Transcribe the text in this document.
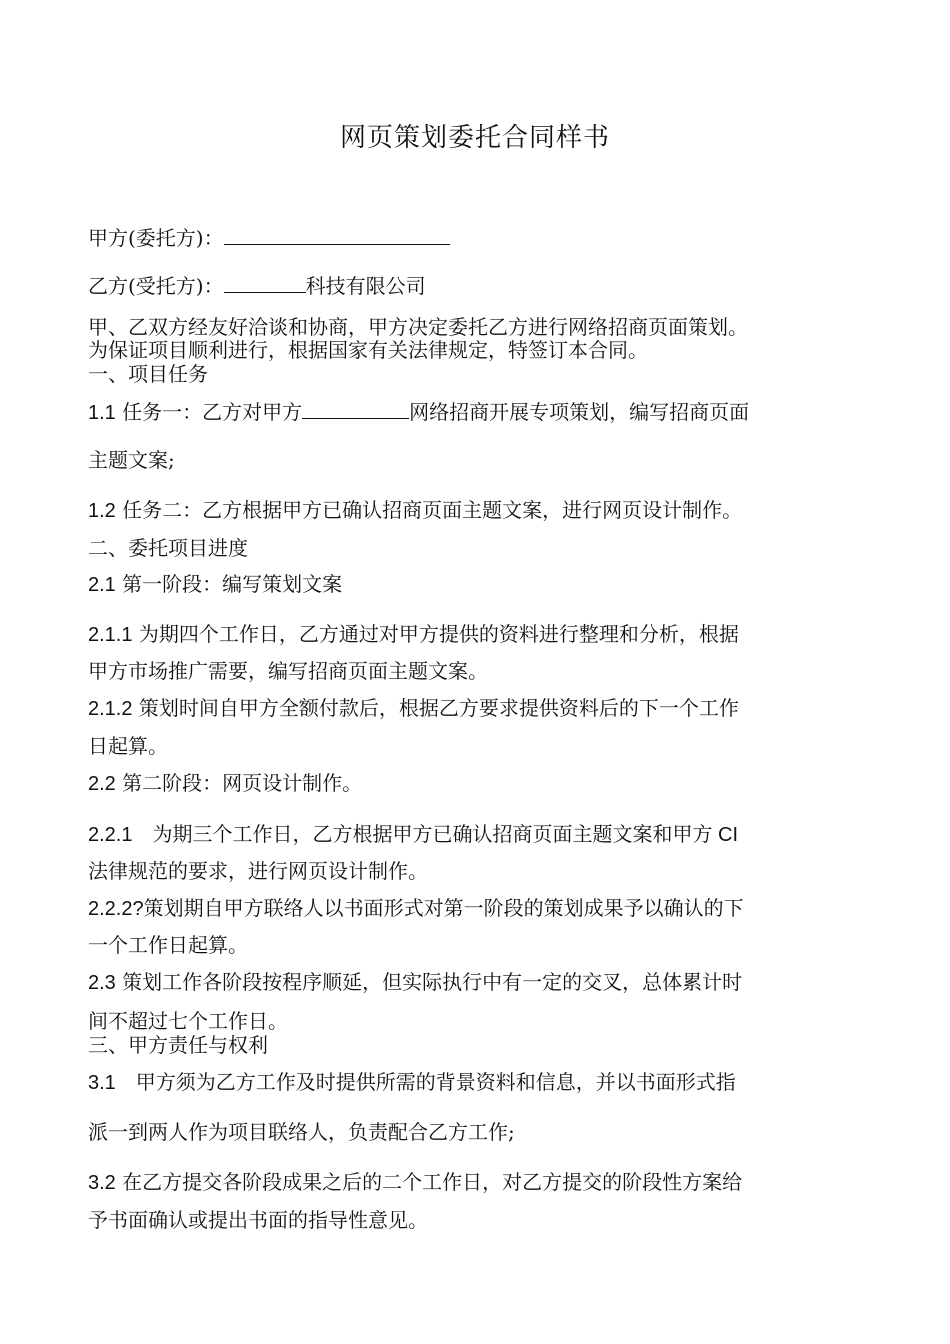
网页策划委托合同样书
甲方(委托方)：
乙方(受托方)：	科技有限公司
甲、乙双方经友好洽谈和协商，甲方决定委托乙方进行网络招商页面策划。
为保证项目顺利进行，根据国家有关法律规定，特签订本合同。
一、项目任务
1.1 任务一：乙方对甲方	网络招商开展专项策划，编写招商页面
主题文案;
1.2 任务二：乙方根据甲方已确认招商页面主题文案，进行网页设计制作。
二、委托项目进度
2.1 第一阶段：编写策划文案
2.1.1 为期四个工作日，乙方通过对甲方提供的资料进行整理和分析，根据
甲方市场推广需要，编写招商页面主题文案。
2.1.2 策划时间自甲方全额付款后，根据乙方要求提供资料后的下一个工作
日起算。
2.2 第二阶段：网页设计制作。
2.2.1　为期三个工作日，乙方根据甲方已确认招商页面主题文案和甲方 CI
法律规范的要求，进行网页设计制作。
2.2.2?策划期自甲方联络人以书面形式对第一阶段的策划成果予以确认的下
一个工作日起算。
2.3 策划工作各阶段按程序顺延，但实际执行中有一定的交叉，总体累计时
间不超过七个工作日。
三、甲方责任与权利
3.1　甲方须为乙方工作及时提供所需的背景资料和信息，并以书面形式指
派一到两人作为项目联络人，负责配合乙方工作;
3.2 在乙方提交各阶段成果之后的二个工作日，对乙方提交的阶段性方案给
予书面确认或提出书面的指导性意见。
